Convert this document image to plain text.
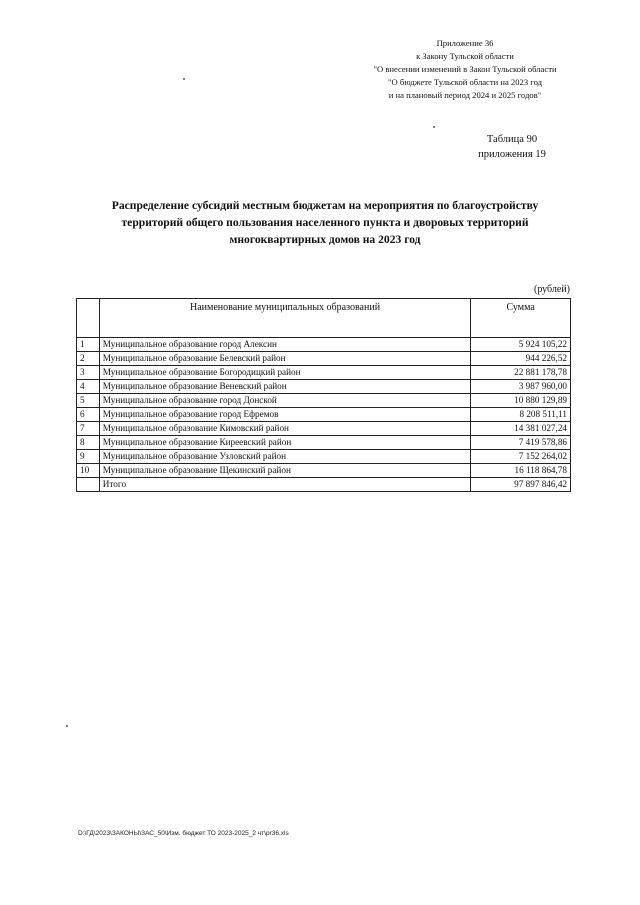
Приложение 36
к Закону Тульской области
"О внесении изменений в Закон Тульской области
"О бюджете Тульской области на 2023 год
и на плановый период 2024 и 2025 годов"
Таблица 90
приложения 19
Распределение субсидий местным бюджетам на мероприятия по благоустройству
территорий общего пользования населенного пункта и дворовых территорий
многоквартирных домов на 2023 год
(рублей)
	Наименование муниципальных образований	Сумма
1	Муниципальное образование город Алексин	5 924 105,22
2	Муниципальное образование Белевский район	944 226,52
3	Муниципальное образование Богородицкий район	22 881 178,78
4	Муниципальное образование Веневский район	3 987 960,00
5	Муниципальное образование город Донской	10 880 129,89
6	Муниципальное образование город Ефремов	8 208 511,11
7	Муниципальное образование Кимовский район	14 381 027,24
8	Муниципальное образование Киреевский район	7 419 578,86
9	Муниципальное образование Узловский район	7 152 264,02
10	Муниципальное образование Щекинский район	16 118 864,78
	Итого	97 897 846,42
D:\ГД\2023\ЗАКОНЫ\ЗАС_50\Изм. бюджет ТО 2023-2025_2 чт\pr36.xls
